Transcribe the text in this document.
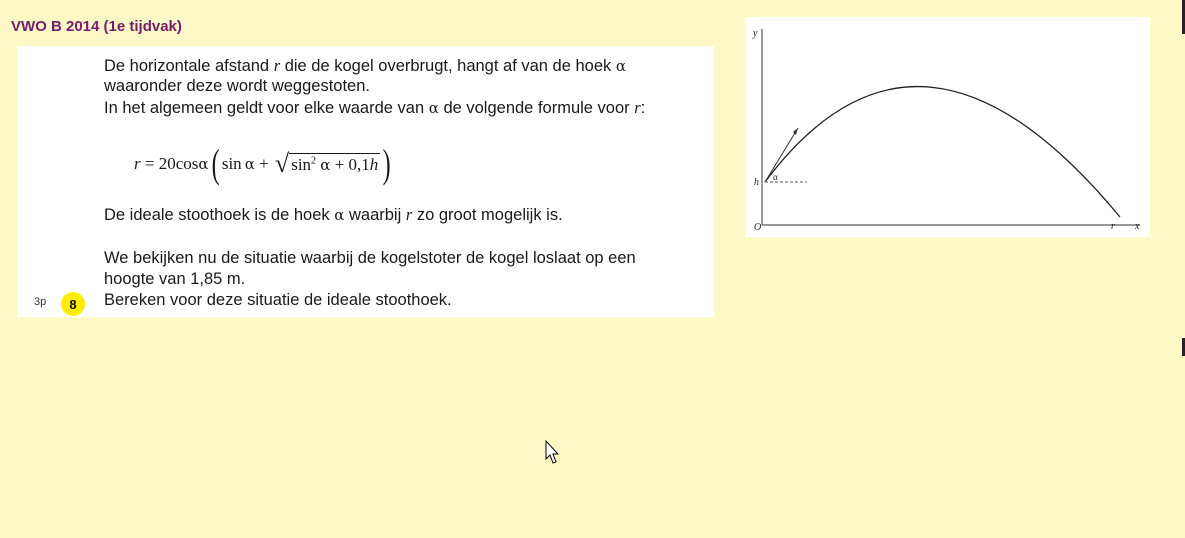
VWO B 2014 (1e tijdvak)
De horizontale afstand r die de kogel overbrugt, hangt af van de hoek α
waaronder deze wordt weggestoten.
In het algemeen geldt voor elke waarde van α de volgende formule voor r:
r = 20cos α ( sin α + √ $\sin^2 \alpha + 0,1h$ )
De ideale stoothoek is de hoek α waarbij r zo groot mogelijk is.
We bekijken nu de situatie waarbij de kogelstoter de kogel loslaat op een
hoogte van 1,85 m.
Bereken voor deze situatie de ideale stoothoek.
3p	8
y
x
O
h
r
α
